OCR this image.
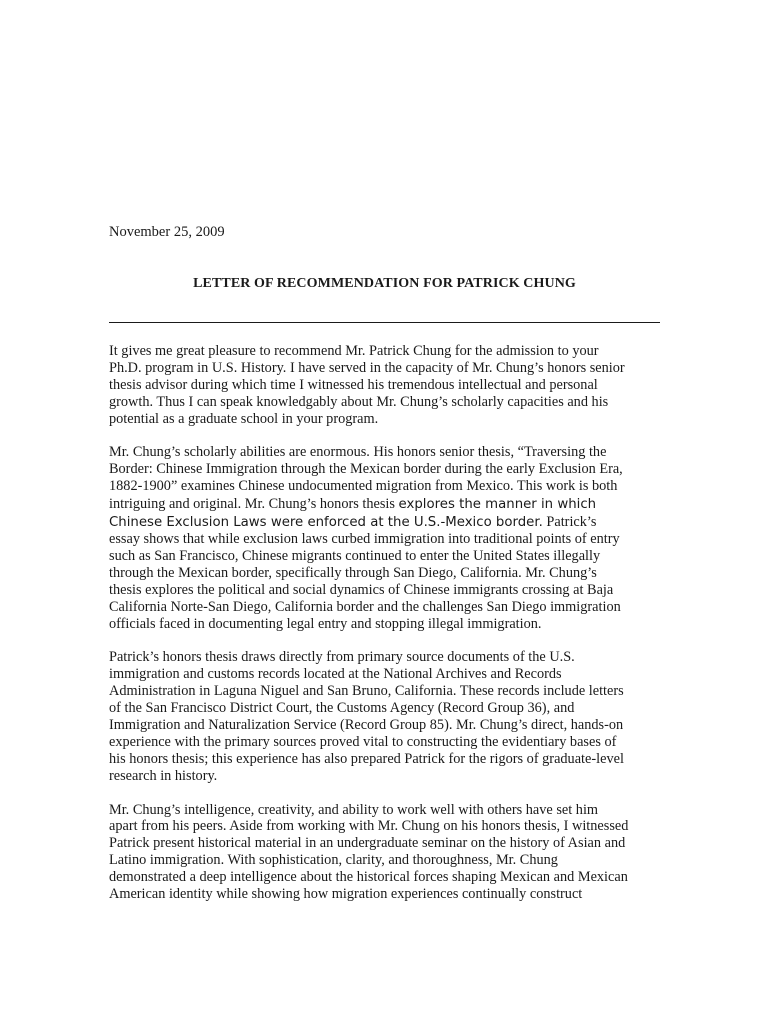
November 25, 2009
LETTER OF RECOMMENDATION FOR PATRICK CHUNG
It gives me great pleasure to recommend Mr. Patrick Chung for the admission to your
Ph.D. program in U.S. History. I have served in the capacity of Mr. Chung’s honors senior
thesis advisor during which time I witnessed his tremendous intellectual and personal
growth. Thus I can speak knowledgably about Mr. Chung’s scholarly capacities and his
potential as a graduate school in your program.
Mr. Chung’s scholarly abilities are enormous. His honors senior thesis, “Traversing the
Border: Chinese Immigration through the Mexican border during the early Exclusion Era,
1882-1900” examines Chinese undocumented migration from Mexico. This work is both
intriguing and original. Mr. Chung’s honors thesis explores the manner in which
Chinese Exclusion Laws were enforced at the U.S.-Mexico border. Patrick’s
essay shows that while exclusion laws curbed immigration into traditional points of entry
such as San Francisco, Chinese migrants continued to enter the United States illegally
through the Mexican border, specifically through San Diego, California. Mr. Chung’s
thesis explores the political and social dynamics of Chinese immigrants crossing at Baja
California Norte-San Diego, California border and the challenges San Diego immigration
officials faced in documenting legal entry and stopping illegal immigration.
Patrick’s honors thesis draws directly from primary source documents of the U.S.
immigration and customs records located at the National Archives and Records
Administration in Laguna Niguel and San Bruno, California. These records include letters
of the San Francisco District Court, the Customs Agency (Record Group 36), and
Immigration and Naturalization Service (Record Group 85). Mr. Chung’s direct, hands-on
experience with the primary sources proved vital to constructing the evidentiary bases of
his honors thesis; this experience has also prepared Patrick for the rigors of graduate-level
research in history.
Mr. Chung’s intelligence, creativity, and ability to work well with others have set him
apart from his peers. Aside from working with Mr. Chung on his honors thesis, I witnessed
Patrick present historical material in an undergraduate seminar on the history of Asian and
Latino immigration. With sophistication, clarity, and thoroughness, Mr. Chung
demonstrated a deep intelligence about the historical forces shaping Mexican and Mexican
American identity while showing how migration experiences continually construct
